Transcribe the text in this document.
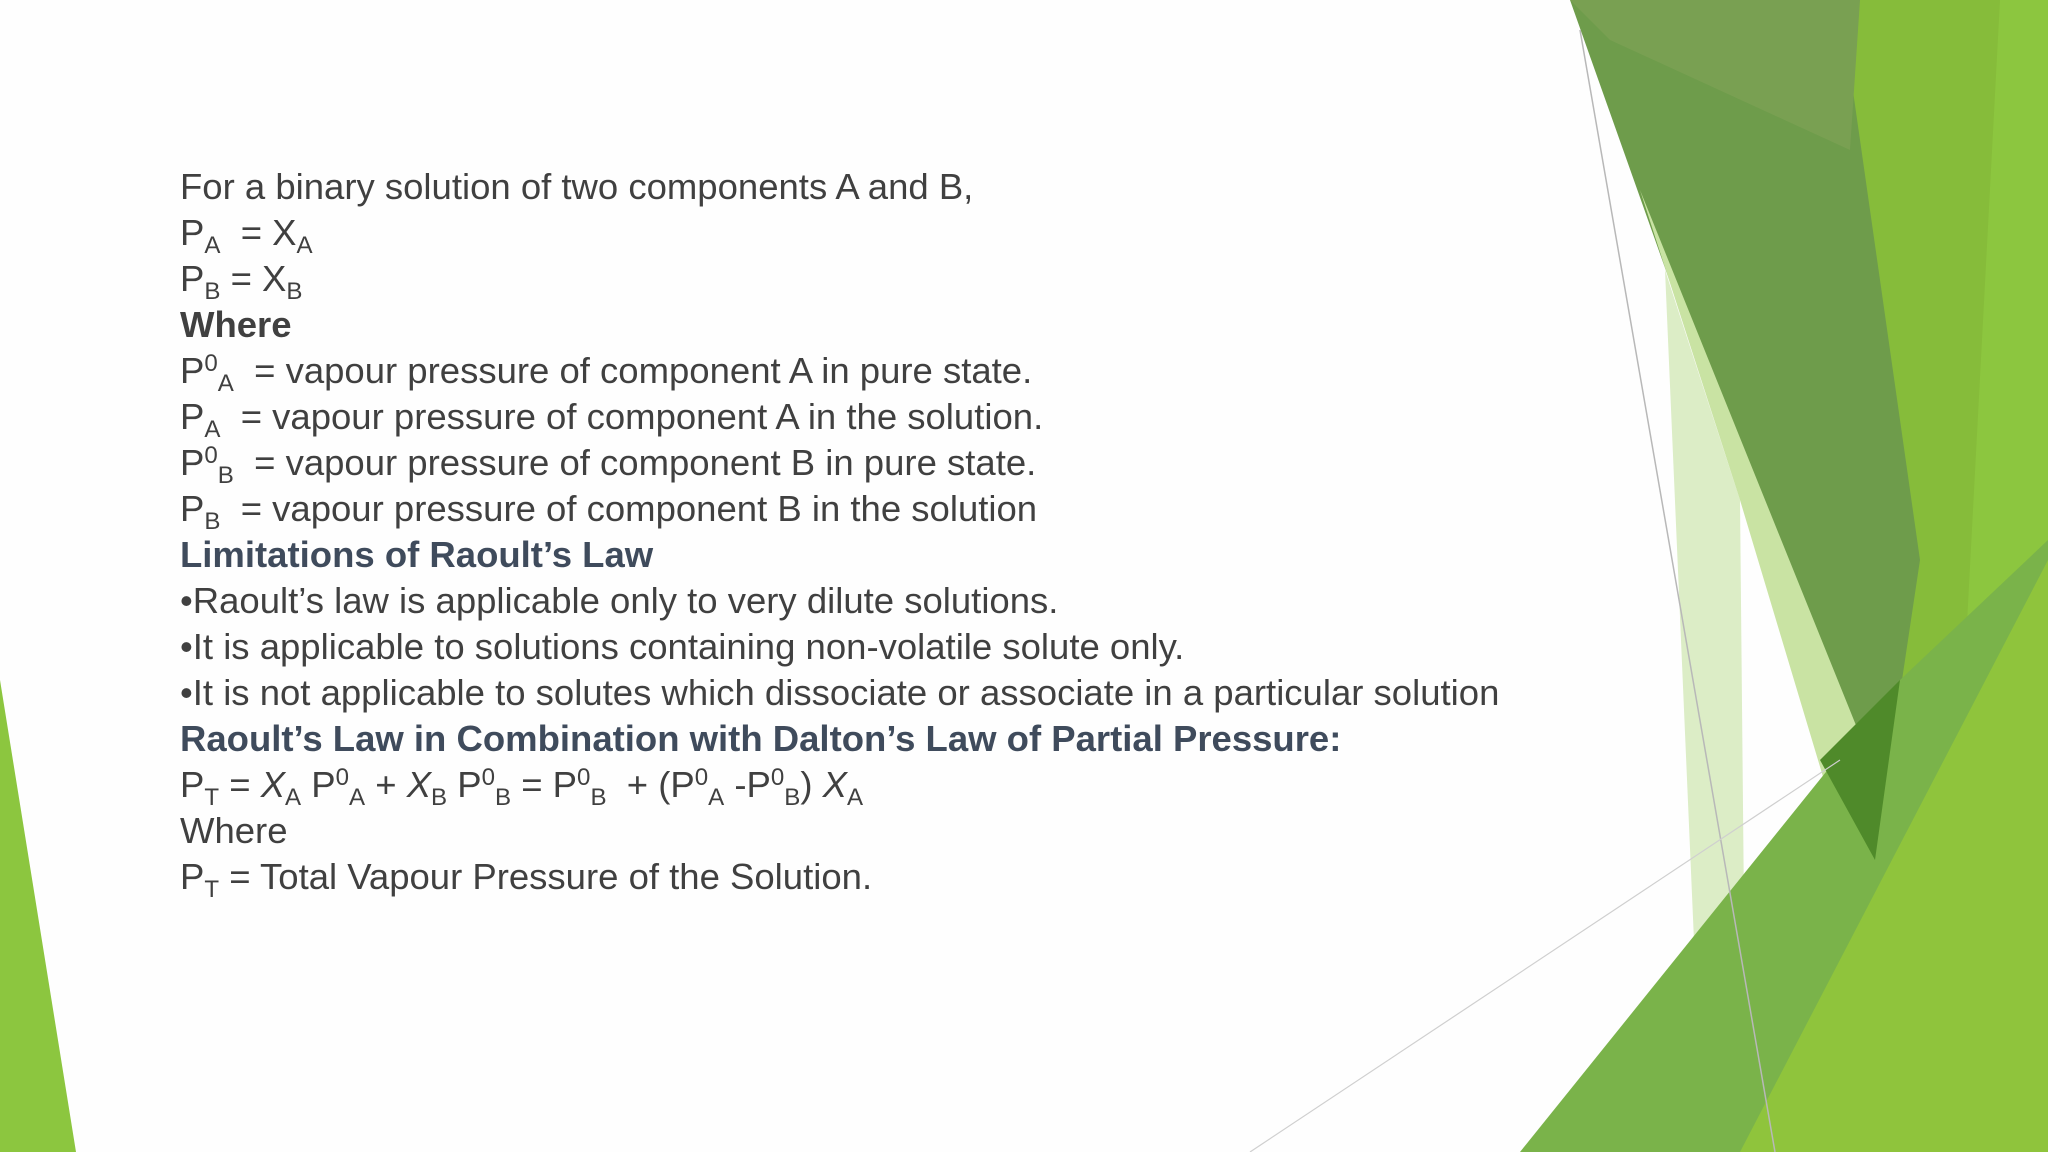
For a binary solution of two components A and B,
$P_A = X_A$
$P_B = X_B$
Where
$P^0_A$  = vapour pressure of component A in pure state.
$P_A$  = vapour pressure of component A in the solution.
$P^0_B$  = vapour pressure of component B in pure state.
$P_B$  = vapour pressure of component B in the solution
Limitations of Raoult’s Law
•Raoult’s law is applicable only to very dilute solutions.
•It is applicable to solutions containing non-volatile solute only.
•It is not applicable to solutes which dissociate or associate in a particular solution
Raoult’s Law in Combination with Dalton’s Law of Partial Pressure:
$P_T = X_A$ $P^0_A + X_B$ $P^0_B = P^0_B + (P^0_A$ $-P^0_B$) $X_A$
Where
$P_T$ = Total Vapour Pressure of the Solution.
